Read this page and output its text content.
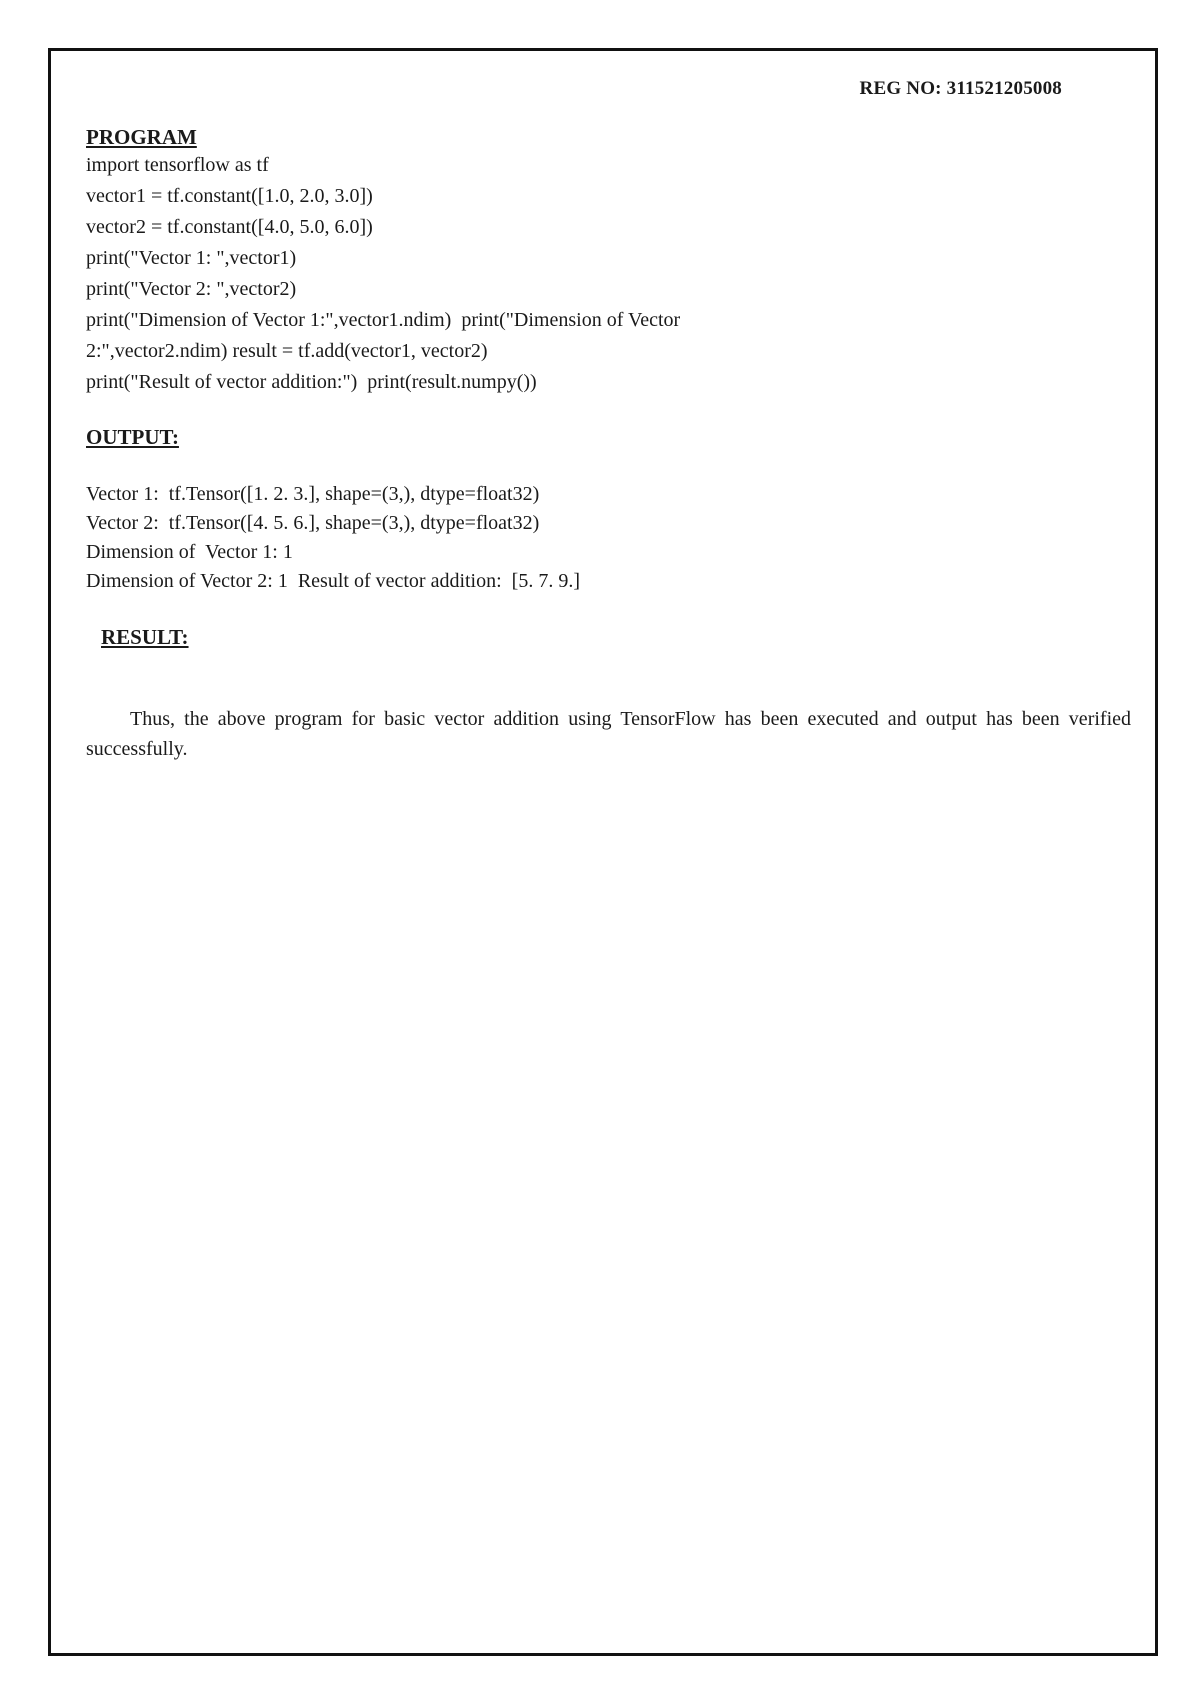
REG NO: 311521205008
PROGRAM
import tensorflow as tf
vector1 = tf.constant([1.0, 2.0, 3.0])
vector2 = tf.constant([4.0, 5.0, 6.0])
print("Vector 1: ",vector1)
print("Vector 2: ",vector2)
print("Dimension of Vector 1:",vector1.ndim)  print("Dimension of Vector
2:",vector2.ndim) result = tf.add(vector1, vector2)
print("Result of vector addition:")  print(result.numpy())
OUTPUT:
Vector 1:  tf.Tensor([1. 2. 3.], shape=(3,), dtype=float32)
Vector 2:  tf.Tensor([4. 5. 6.], shape=(3,), dtype=float32)
Dimension of  Vector 1: 1
Dimension of Vector 2: 1  Result of vector addition:  [5. 7. 9.]
RESULT:

Thus, the above program for basic vector addition using TensorFlow has been executed and output has been verified successfully.
